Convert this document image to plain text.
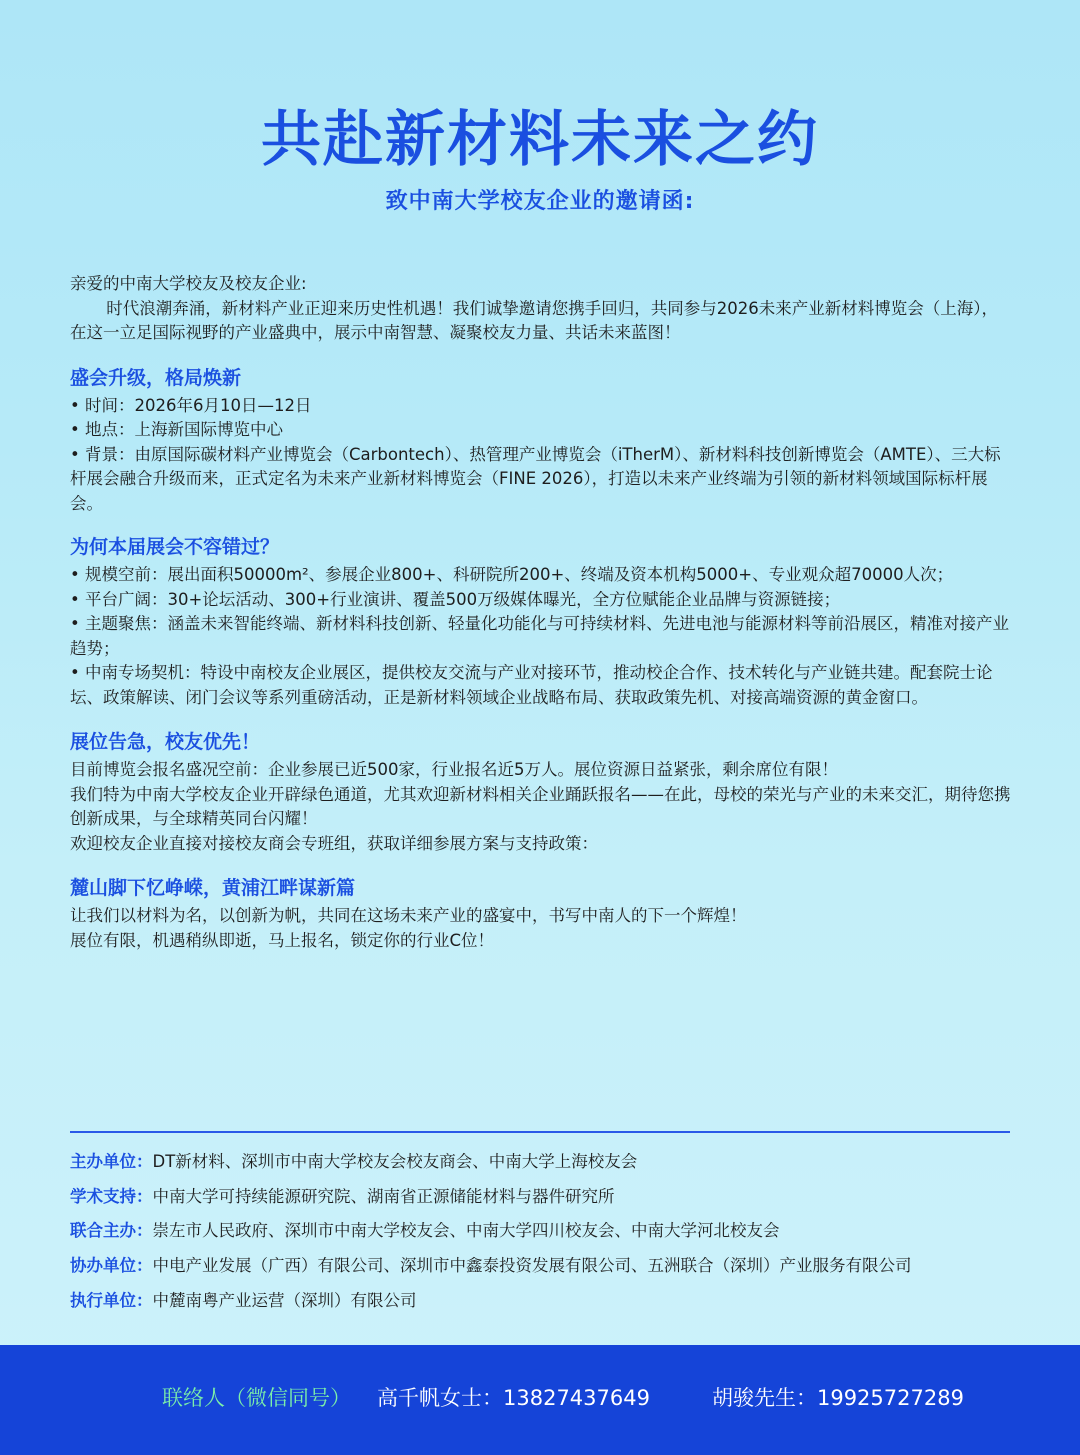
共赴新材料未来之约
致中南大学校友企业的邀请函:

亲爱的中南大学校友及校友企业:

时代浪潮奔涌，新材料产业正迎来历史性机遇！我们诚挚邀请您携手回归，共同参与2026未来产业新材料博览会（上海），在这一立足国际视野的产业盛典中，展示中南智慧、凝聚校友力量、共话未来蓝图！

盛会升级，格局焕新

• 时间：2026年6月10日—12日
• 地点：上海新国际博览中心
• 背景：由原国际碳材料产业博览会（Carbontech）、热管理产业博览会（iTherM）、新材料科技创新博览会（AMTE）、三大标杆展会融合升级而来，正式定名为未来产业新材料博览会（FINE 2026），打造以未来产业终端为引领的新材料领域国际标杆展会。

为何本届展会不容错过？

• 规模空前：展出面积50000m²、参展企业800+、科研院所200+、终端及资本机构5000+、专业观众超70000人次；
• 平台广阔：30+论坛活动、300+行业演讲、覆盖500万级媒体曝光，全方位赋能企业品牌与资源链接；
• 主题聚焦：涵盖未来智能终端、新材料科技创新、轻量化功能化与可持续材料、先进电池与能源材料等前沿展区，精准对接产业趋势；
• 中南专场契机：特设中南校友企业展区，提供校友交流与产业对接环节，推动校企合作、技术转化与产业链共建。配套院士论坛、政策解读、闭门会议等系列重磅活动，正是新材料领域企业战略布局、获取政策先机、对接高端资源的黄金窗口。

展位告急，校友优先！

目前博览会报名盛况空前：企业参展已近500家，行业报名近5万人。展位资源日益紧张，剩余席位有限！

我们特为中南大学校友企业开辟绿色通道，尤其欢迎新材料相关企业踊跃报名——在此，母校的荣光与产业的未来交汇，期待您携创新成果，与全球精英同台闪耀！

欢迎校友企业直接对接校友商会专班组，获取详细参展方案与支持政策：

麓山脚下忆峥嵘，黄浦江畔谋新篇

让我们以材料为名，以创新为帆，共同在这场未来产业的盛宴中，书写中南人的下一个辉煌！

展位有限，机遇稍纵即逝，马上报名，锁定你的行业C位！

主办单位：DT新材料、深圳市中南大学校友会校友商会、中南大学上海校友会
学术支持：中南大学可持续能源研究院、湖南省正源储能材料与器件研究所
联合主办：崇左市人民政府、深圳市中南大学校友会、中南大学四川校友会、中南大学河北校友会
协办单位：中电产业发展（广西）有限公司、深圳市中鑫泰投资发展有限公司、五洲联合（深圳）产业服务有限公司
执行单位：中麓南粤产业运营（深圳）有限公司
联络人（微信同号） 高千帆女士：13827437649	胡骏先生：19925727289
